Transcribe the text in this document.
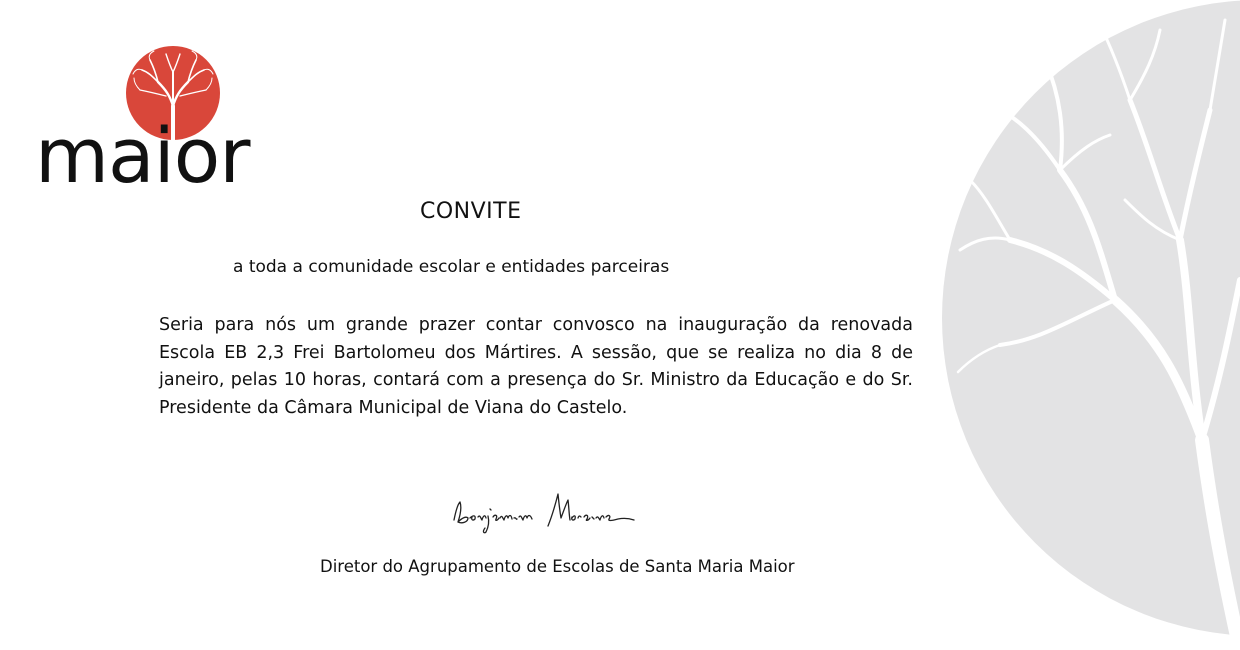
maior
CONVITE
a toda a comunidade escolar e entidades parceiras
Seria para nós um grande prazer contar convosco na inauguração da renovada Escola EB 2,3 Frei Bartolomeu dos Mártires. A sessão, que se realiza no dia 8 de janeiro, pelas 10 horas, contará com a presença do Sr. Ministro da Educação e do Sr. Presidente da Câmara Municipal de Viana do Castelo.
Diretor do Agrupamento de Escolas de Santa Maria Maior
